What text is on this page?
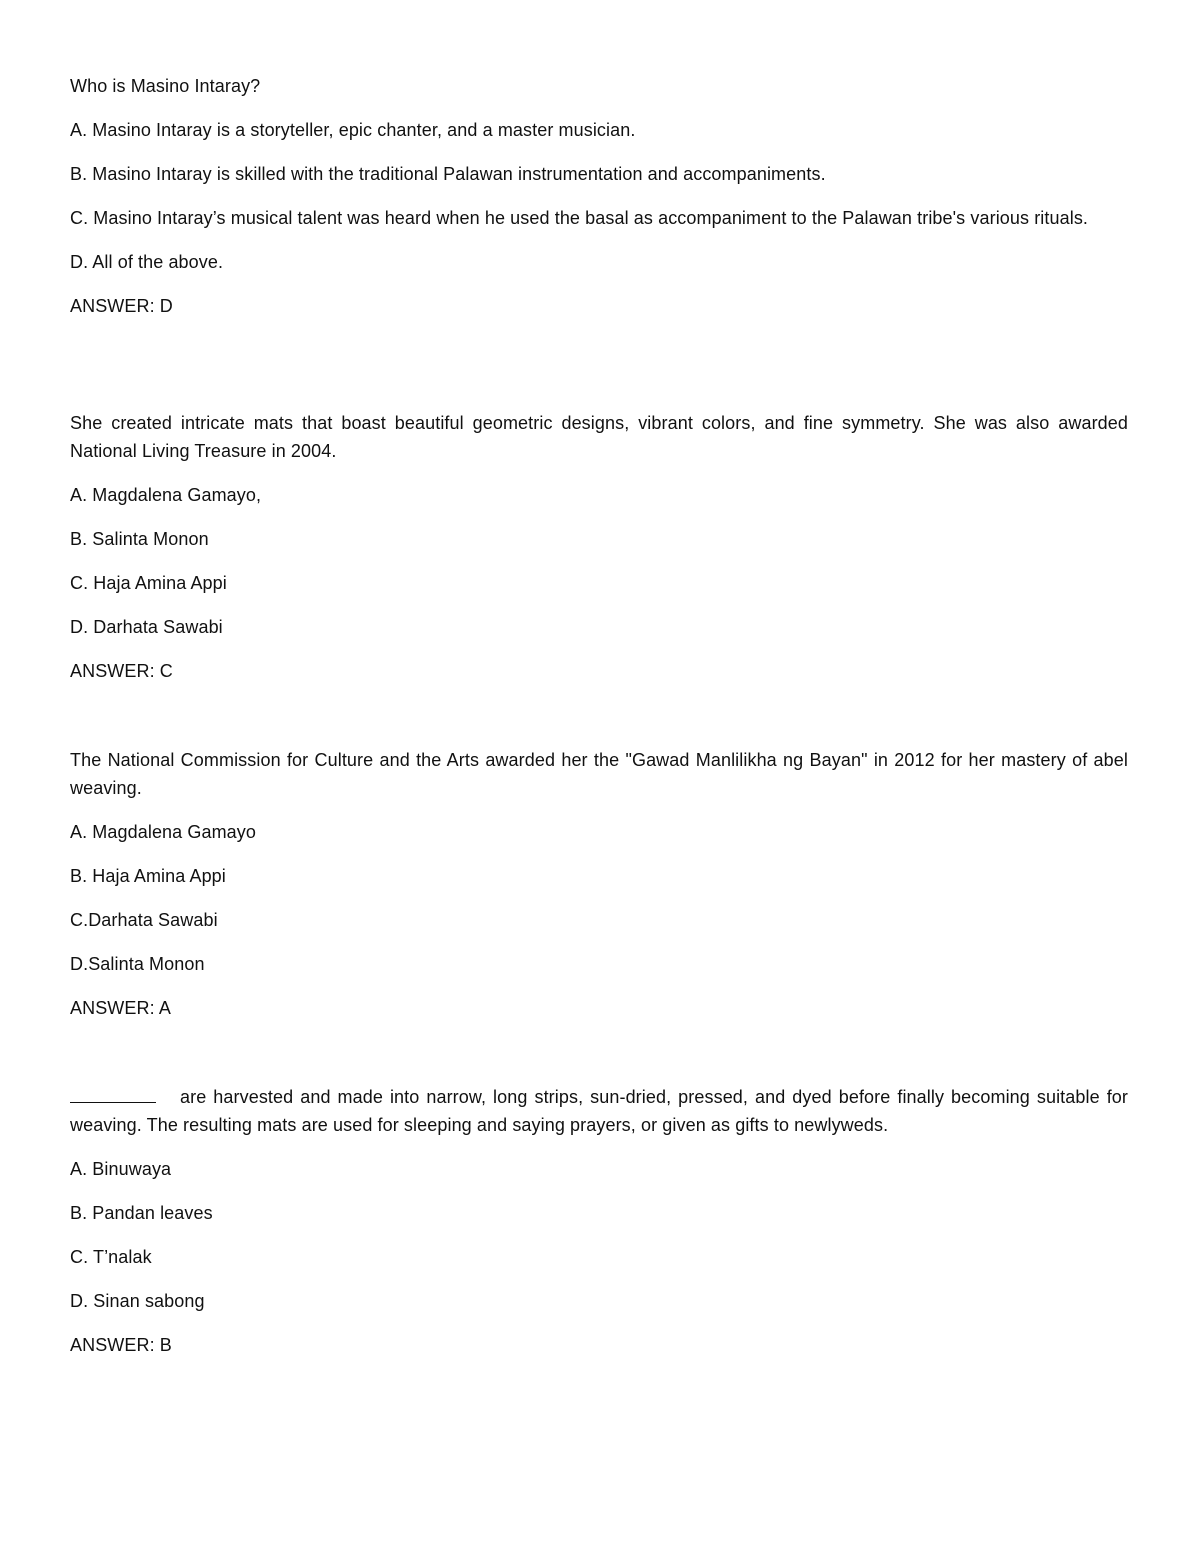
Who is Masino Intaray?

A. Masino Intaray is a storyteller, epic chanter, and a master musician.

B. Masino Intaray is skilled with the traditional Palawan instrumentation and accompaniments.

C. Masino Intaray’s musical talent was heard when he used the basal as accompaniment to the Palawan tribe's various rituals.

D. All of the above.

ANSWER: D

She created intricate mats that boast beautiful geometric designs, vibrant colors, and fine symmetry. She was also awarded National Living Treasure in 2004.

A. Magdalena Gamayo,

B. Salinta Monon

C. Haja Amina Appi

D. Darhata Sawabi

ANSWER: C

The National Commission for Culture and the Arts awarded her the "Gawad Manlilikha ng Bayan" in 2012 for her mastery of abel weaving.

A. Magdalena Gamayo

B. Haja Amina Appi

C.Darhata Sawabi

D.Salinta Monon

ANSWER: A

are harvested and made into narrow, long strips, sun-dried, pressed, and dyed before finally becoming suitable for weaving. The resulting mats are used for sleeping and saying prayers, or given as gifts to newlyweds.

A. Binuwaya

B. Pandan leaves

C. T’nalak

D. Sinan sabong

ANSWER: B
